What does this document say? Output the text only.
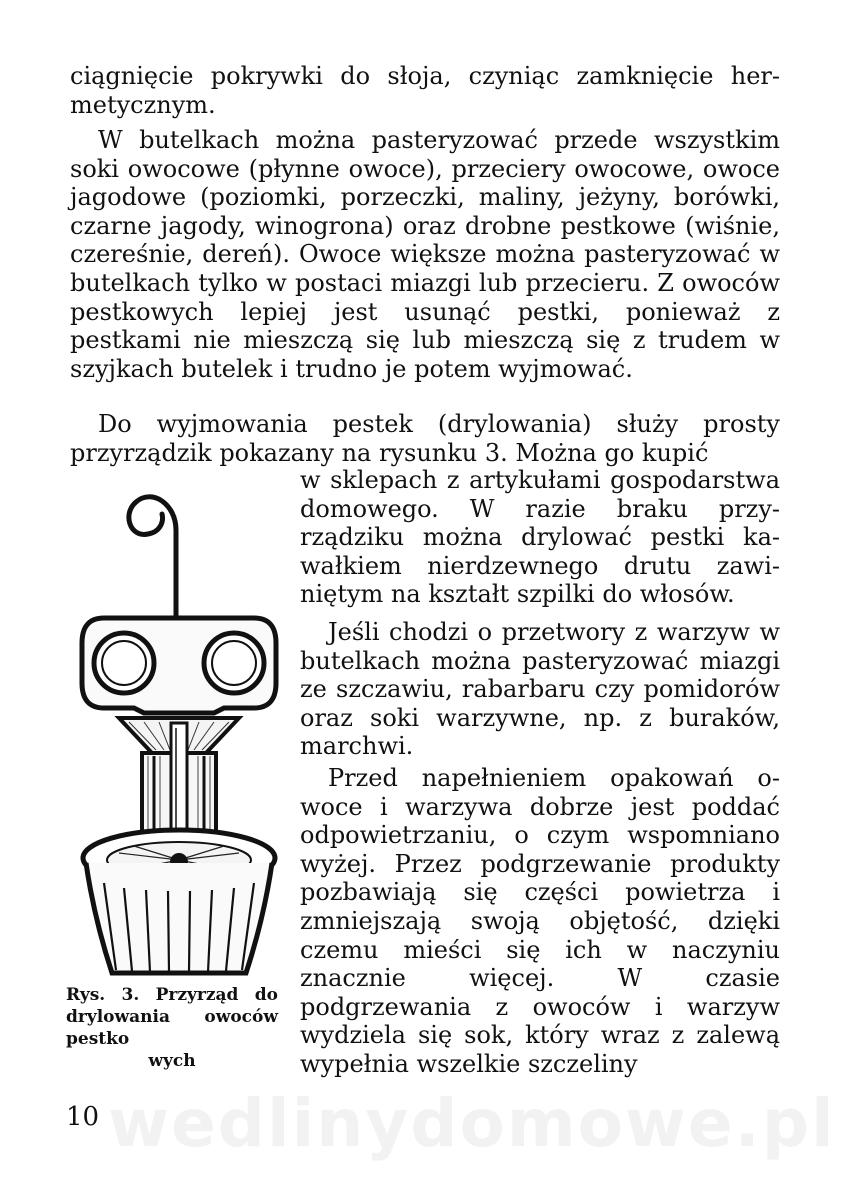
ciągnięcie pokrywki do słoja, czyniąc zamknięcie hermetycznym.

W butelkach można pasteryzować przede wszystkim soki owocowe (płynne owoce), przeciery owocowe, owoce jagodowe (poziomki, porzeczki, maliny, jeżyny, borówki, czarne jagody, winogrona) oraz drobne pestkowe (wiśnie, czereśnie, dereń). Owoce większe można pasteryzować w butelkach tylko w postaci miazgi lub przecieru. Z owoców pestkowych lepiej jest usunąć pestki, ponieważ z pestkami nie mieszczą się lub mieszczą się z trudem w szyjkach butelek i trudno je potem wyjmować.

Do wyjmowania pestek (drylowania) służy prosty przyrządzik pokazany na rysunku 3. Można go kupić

w sklepach z artykułami gospodarstwa domowego. W razie braku przyrządziku można drylować pestki kawałkiem nierdzewnego drutu zawiniętym na kształt szpilki do włosów.

Jeśli chodzi o przetwory z warzyw w butelkach można pasteryzować miazgi ze szczawiu, rabarbaru czy pomidorów oraz soki warzywne, np. z buraków, marchwi.

Przed napełnieniem opakowań owoce i warzywa dobrze jest poddać odpowietrzaniu, o czym wspomniano wyżej. Przez podgrzewanie produkty pozbawiają się części powietrza i zmniejszają swoją objętość, dzięki czemu mieści się ich w naczyniu znacznie więcej. W czasie podgrzewania z owoców i warzyw wydziela się sok, który wraz z zalewą wypełnia wszelkie szczeliny

Rys. 3. Przyrząd do drylowania owoców pestko
wych
wedlinydomowe.pl
10
